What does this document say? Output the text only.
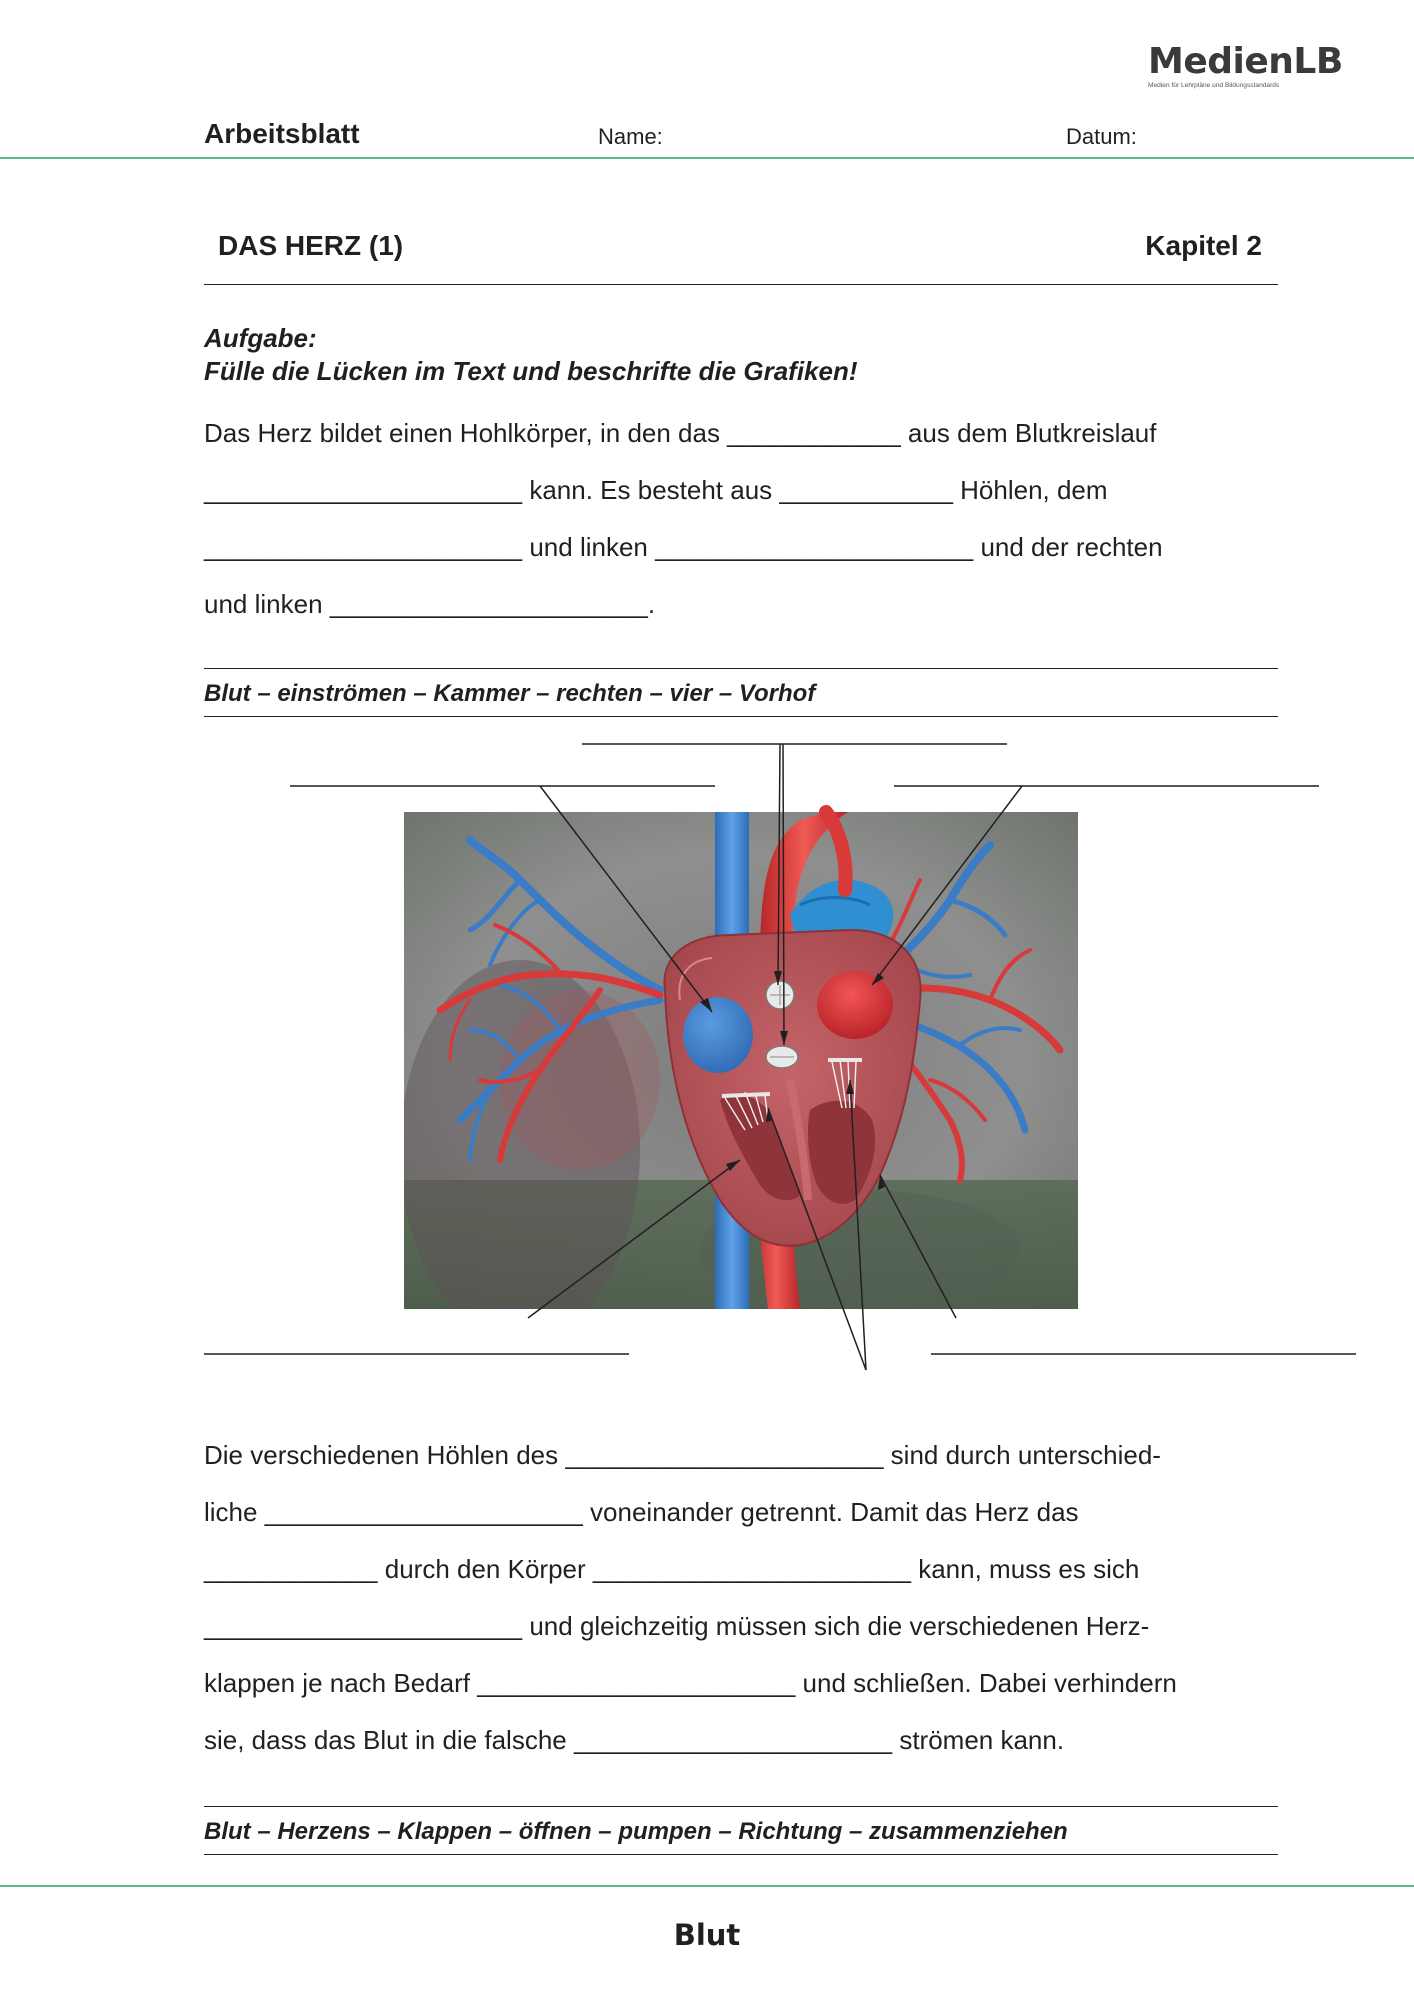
MedienLB
Medien für Lehrpläne und Bildungsstandards
Arbeitsblatt	Name:	Datum:
DAS HERZ (1)	Kapitel 2
Aufgabe:
Fülle die Lücken im Text und beschrifte die Grafiken!
Das Herz bildet einen Hohlkörper, in den das ____________ aus dem Blutkreislauf
______________________ kann. Es besteht aus ____________ Höhlen, dem
______________________ und linken ______________________ und der rechten
und linken ______________________.
Blut – einströmen – Kammer – rechten – vier – Vorhof
Die verschiedenen Höhlen des ______________________ sind durch unterschied-
liche ______________________ voneinander getrennt. Damit das Herz das
____________ durch den Körper ______________________ kann, muss es sich
______________________ und gleichzeitig müssen sich die verschiedenen Herz-
klappen je nach Bedarf ______________________ und schließen. Dabei verhindern
sie, dass das Blut in die falsche ______________________ strömen kann.
Blut – Herzens – Klappen – öffnen – pumpen – Richtung – zusammenziehen
Blut
